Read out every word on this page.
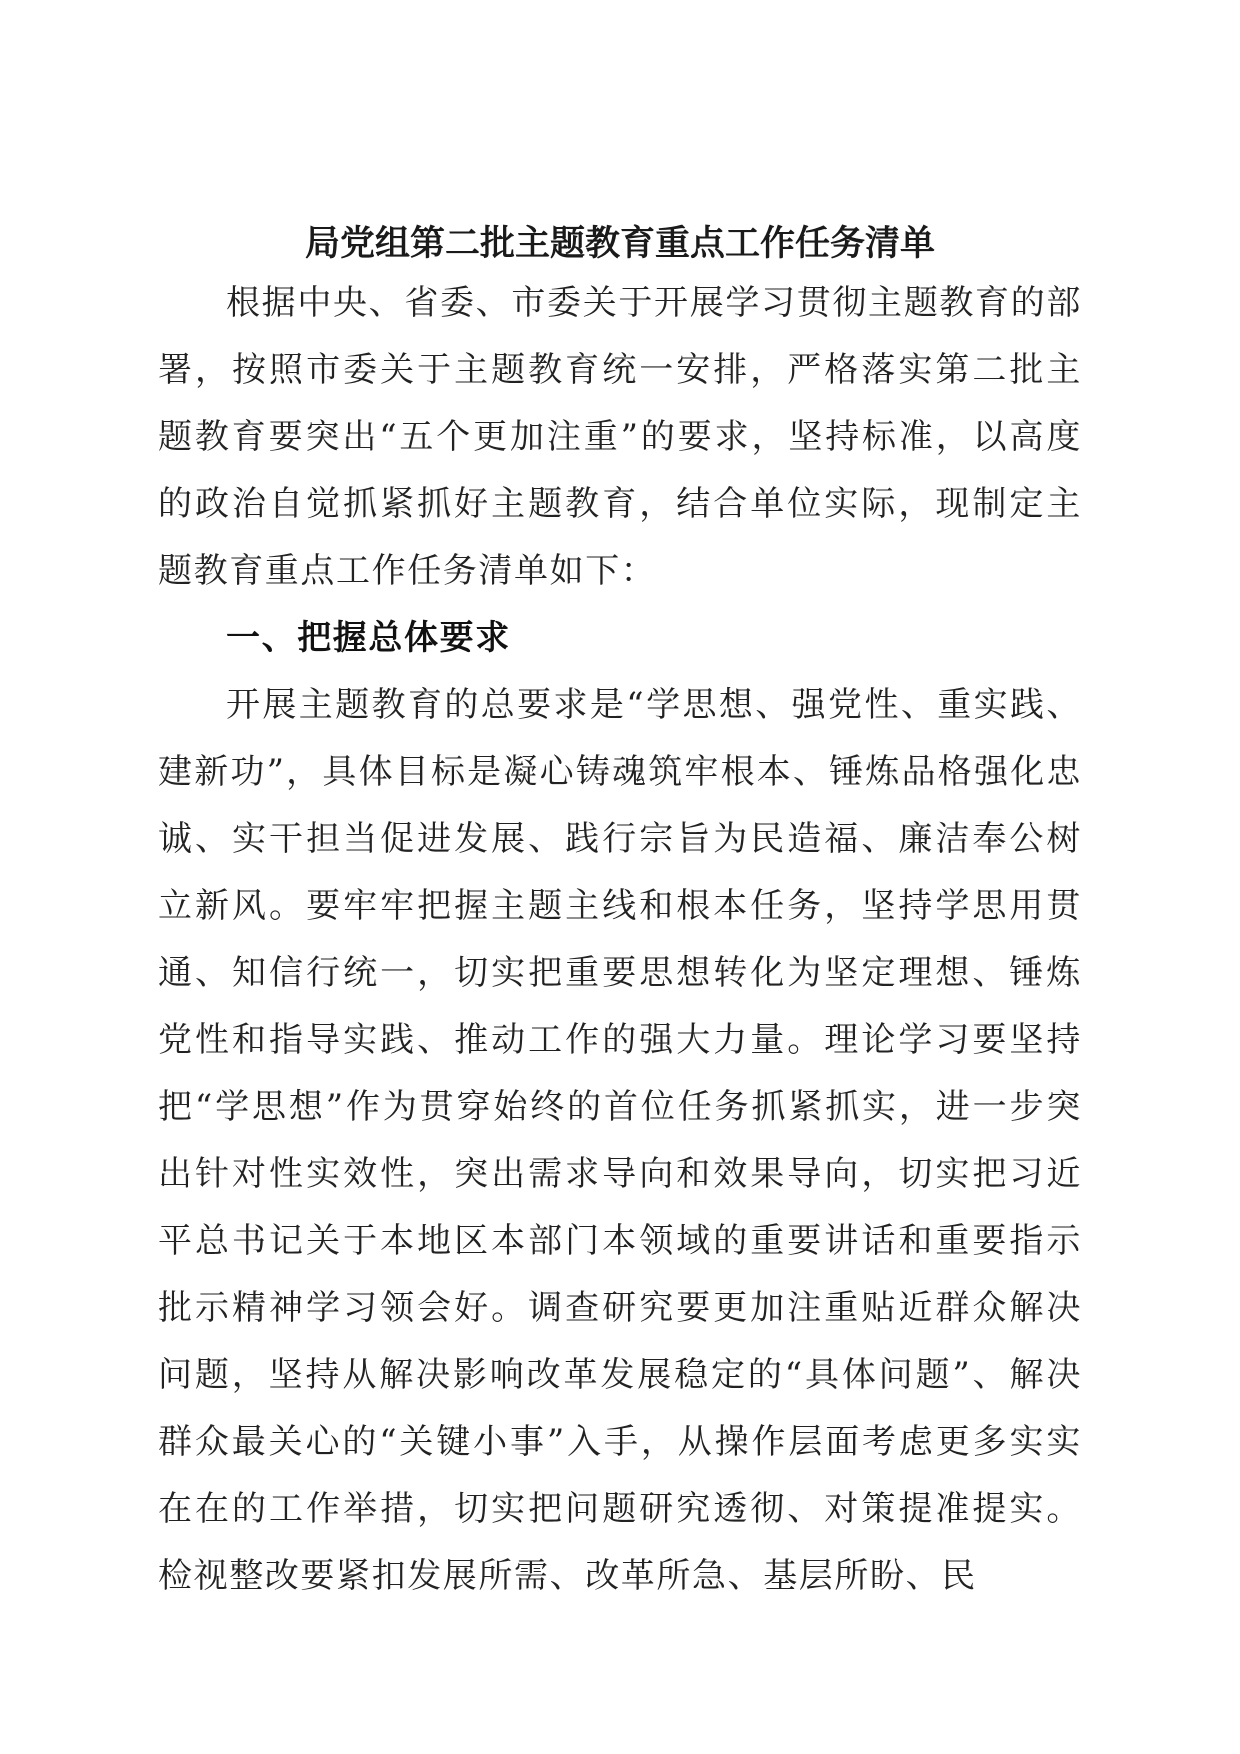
局党组第二批主题教育重点工作任务清单

根据中央、省委、市委关于开展学习贯彻主题教育的部署，按照市委关于主题教育统一安排，严格落实第二批主题教育要突出“五个更加注重”的要求，坚持标准，以高度的政治自觉抓紧抓好主题教育，结合单位实际，现制定主题教育重点工作任务清单如下：

一、把握总体要求

开展主题教育的总要求是“学思想、强党性、重实践、建新功”，具体目标是凝心铸魂筑牢根本、锤炼品格强化忠诚、实干担当促进发展、践行宗旨为民造福、廉洁奉公树立新风。要牢牢把握主题主线和根本任务，坚持学思用贯通、知信行统一，切实把重要思想转化为坚定理想、锤炼党性和指导实践、推动工作的强大力量。理论学习要坚持把“学思想”作为贯穿始终的首位任务抓紧抓实，进一步突出针对性实效性，突出需求导向和效果导向，切实把习近平总书记关于本地区本部门本领域的重要讲话和重要指示批示精神学习领会好。调查研究要更加注重贴近群众解决问题，坚持从解决影响改革发展稳定的“具体问题”、解决群众最关心的“关键小事”入手，从操作层面考虑更多实实在在的工作举措，切实把问题研究透彻、对策提准提实。检视整改要紧扣发展所需、改革所急、基层所盼、民
